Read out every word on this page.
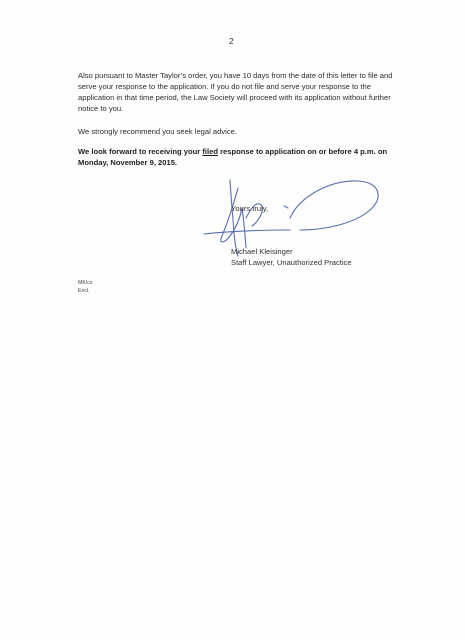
2
Also pursuant to Master Taylor’s order, you have 10 days from the date of this letter to file and serve your response to the application. If you do not file and serve your response to the application in that time period, the Law Society will proceed with its application without further notice to you.
We strongly recommend you seek legal advice.
We look forward to receiving your filed response to application on or before 4 p.m. on Monday, November 9, 2015.
Yours truly,
Michael Kleisinger
Staff Lawyer, Unauthorized Practice
MK/cs
Encl.
